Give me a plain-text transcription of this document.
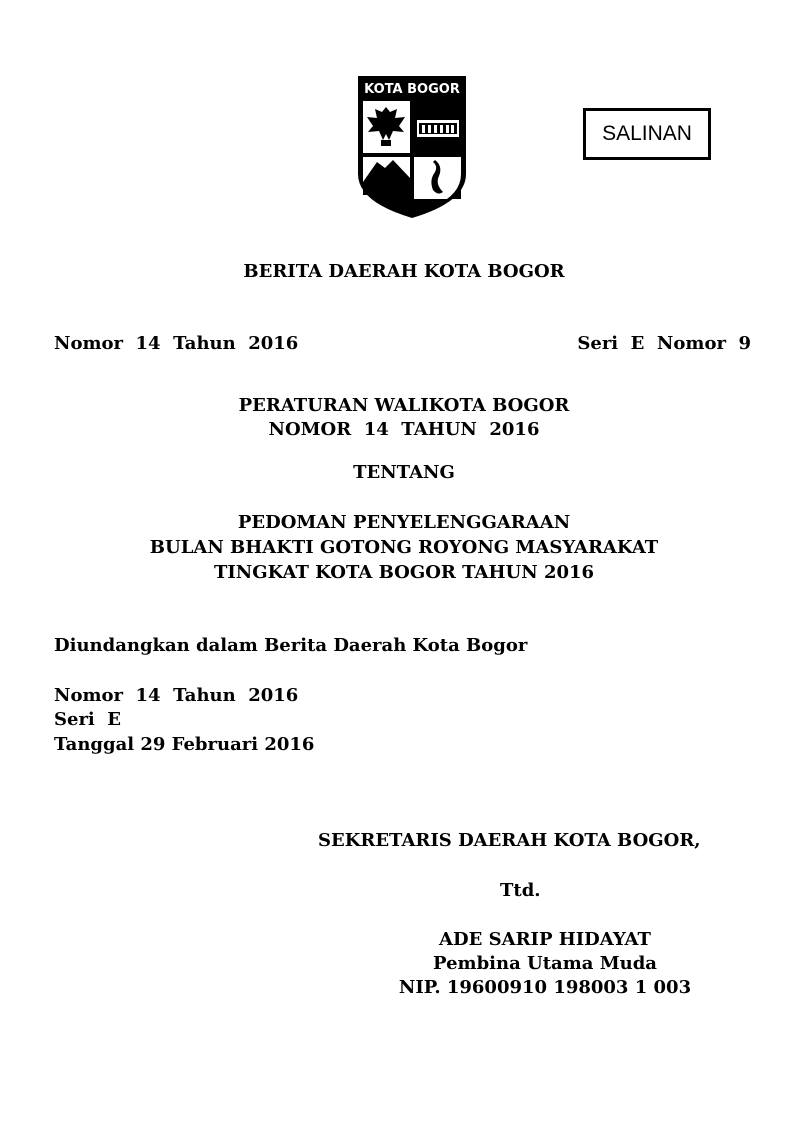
KOTA BOGOR
SALINAN
BERITA DAERAH KOTA BOGOR
Nomor  14  Tahun  2016	Seri  E  Nomor  9
PERATURAN WALIKOTA BOGOR
NOMOR  14  TAHUN  2016
TENTANG
PEDOMAN PENYELENGGARAAN
BULAN BHAKTI GOTONG ROYONG MASYARAKAT
TINGKAT KOTA BOGOR TAHUN 2016
Diundangkan dalam Berita Daerah Kota Bogor
Nomor  14  Tahun  2016
Seri  E
Tanggal 29 Februari 2016
SEKRETARIS DAERAH KOTA BOGOR,
Ttd.
ADE SARIP HIDAYAT
Pembina Utama Muda
NIP. 19600910 198003 1 003
